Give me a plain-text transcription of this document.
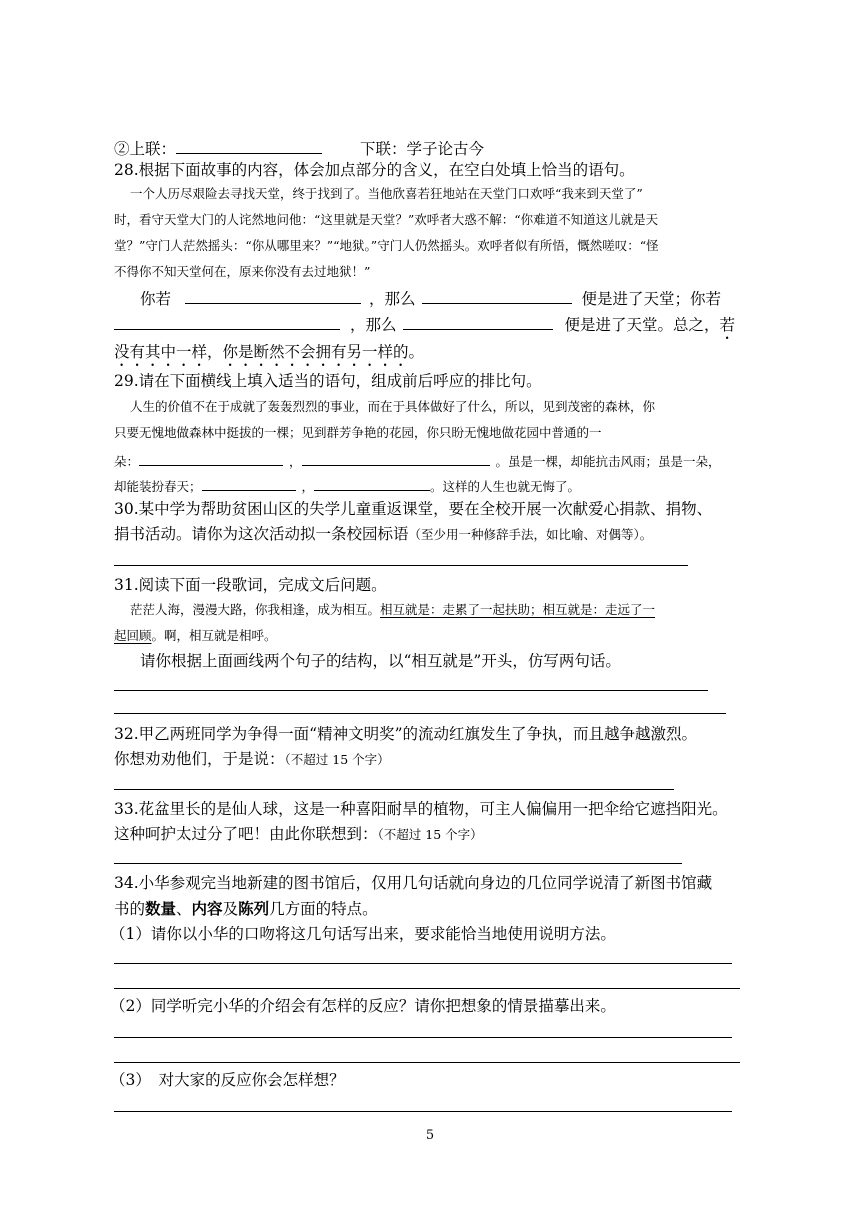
②上联：	下联：学子论古今
28.根据下面故事的内容，体会加点部分的含义，在空白处填上恰当的语句。
一个人历尽艰险去寻找天堂，终于找到了。当他欣喜若狂地站在天堂门口欢呼“我来到天堂了”
时，看守天堂大门的人诧然地问他：“这里就是天堂？”欢呼者大惑不解：“你难道不知道这儿就是天
堂？”守门人茫然摇头：“你从哪里来？”“地狱。”守门人仍然摇头。欢呼者似有所悟，慨然嗟叹：“怪
不得你不知天堂何在，原来你没有去过地狱！”
你若	，那么	便是进了天堂；你若
，那么	便是进了天堂。总之，若
没有其中一样，你是断然不会拥有另一样的。
29.请在下面横线上填入适当的语句，组成前后呼应的排比句。
人生的价值不在于成就了轰轰烈烈的事业，而在于具体做好了什么，所以，见到茂密的森林，你
只要无愧地做森林中挺拔的一棵；见到群芳争艳的花园，你只盼无愧地做花园中普通的一
朵：	，	。虽是一棵，却能抗击风雨；虽是一朵，
却能装扮春天；	，	。这样的人生也就无悔了。
30.某中学为帮助贫困山区的失学儿童重返课堂，要在全校开展一次献爱心捐款、捐物、
捐书活动。请你为这次活动拟一条校园标语（至少用一种修辞手法，如比喻、对偶等）。
31.阅读下面一段歌词，完成文后问题。
茫茫人海，漫漫大路，你我相逢，成为相互。相互就是：走累了一起扶助；相互就是：走远了一
起回顾。啊，相互就是相呼。
请你根据上面画线两个句子的结构，以“相互就是”开头，仿写两句话。
32.甲乙两班同学为争得一面“精神文明奖”的流动红旗发生了争执，而且越争越激烈。
你想劝劝他们，于是说：（不超过 15 个字）
33.花盆里长的是仙人球，这是一种喜阳耐旱的植物，可主人偏偏用一把伞给它遮挡阳光。
这种呵护太过分了吧！由此你联想到：（不超过 15 个字）
34.小华参观完当地新建的图书馆后，仅用几句话就向身边的几位同学说清了新图书馆藏
书的数量、内容及陈列几方面的特点。
（1）请你以小华的口吻将这几句话写出来，要求能恰当地使用说明方法。
（2）同学听完小华的介绍会有怎样的反应？请你把想象的情景描摹出来。
（3）　对大家的反应你会怎样想？
5
